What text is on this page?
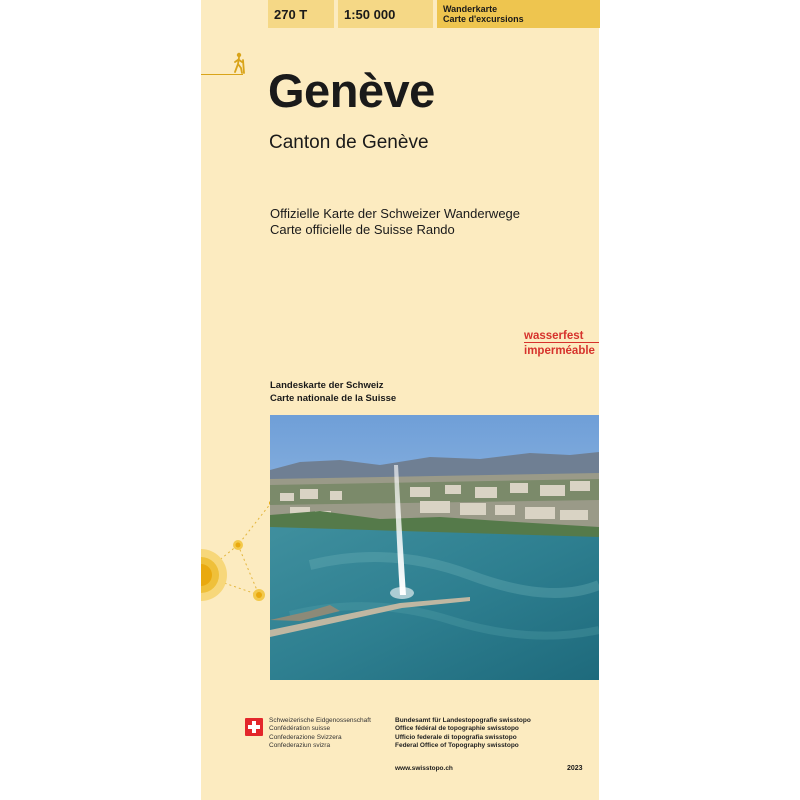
270 T	1:50 000	Wanderkarte
Carte d'excursions
Genève
Canton de Genève
Offizielle Karte der Schweizer Wanderwege
Carte officielle de Suisse Rando
wasserfest
imperméable
Landeskarte der Schweiz
Carte nationale de la Suisse
Schweizerische Eidgenossenschaft
Confédération suisse
Confederazione Svizzera
Confederaziun svizra
Bundesamt für Landestopografie swisstopo
Office fédéral de topographie swisstopo
Ufficio federale di topografia swisstopo
Federal Office of Topography swisstopo
www.swisstopo.ch	2023
